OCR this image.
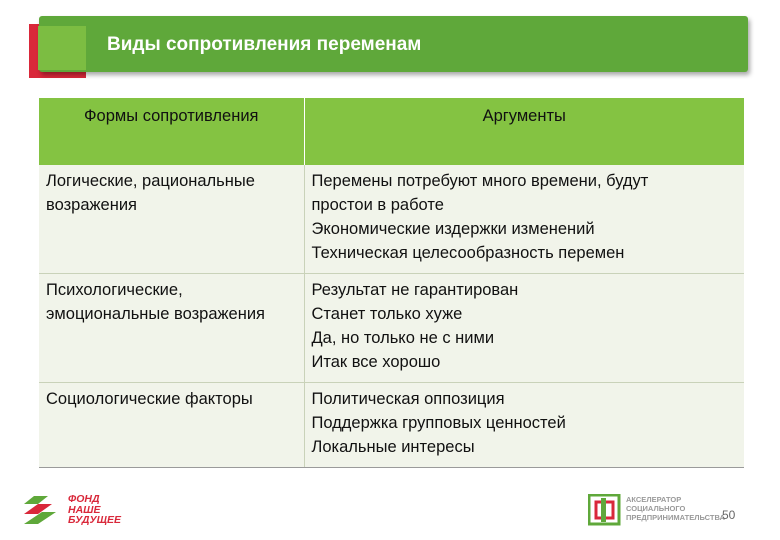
Виды сопротивления переменам
Формы сопротивления	Аргументы
Логические, рациональные возражения	Перемены потребуют много времени, будут
простои в работе
Экономические издержки изменений
Техническая целесообразность перемен

Психологические, эмоциональные возражения	Результат не гарантирован
Станет только хуже
Да, но только не с ними
Итак все хорошо

Социологические факторы	Политическая оппозиция
Поддержка групповых ценностей
Локальные интересы
ФОНД
НАШЕ
БУДУЩЕЕ
АКСЕЛЕРАТОР
СОЦИАЛЬНОГО
ПРЕДПРИНИМАТЕЛЬСТВА
50
